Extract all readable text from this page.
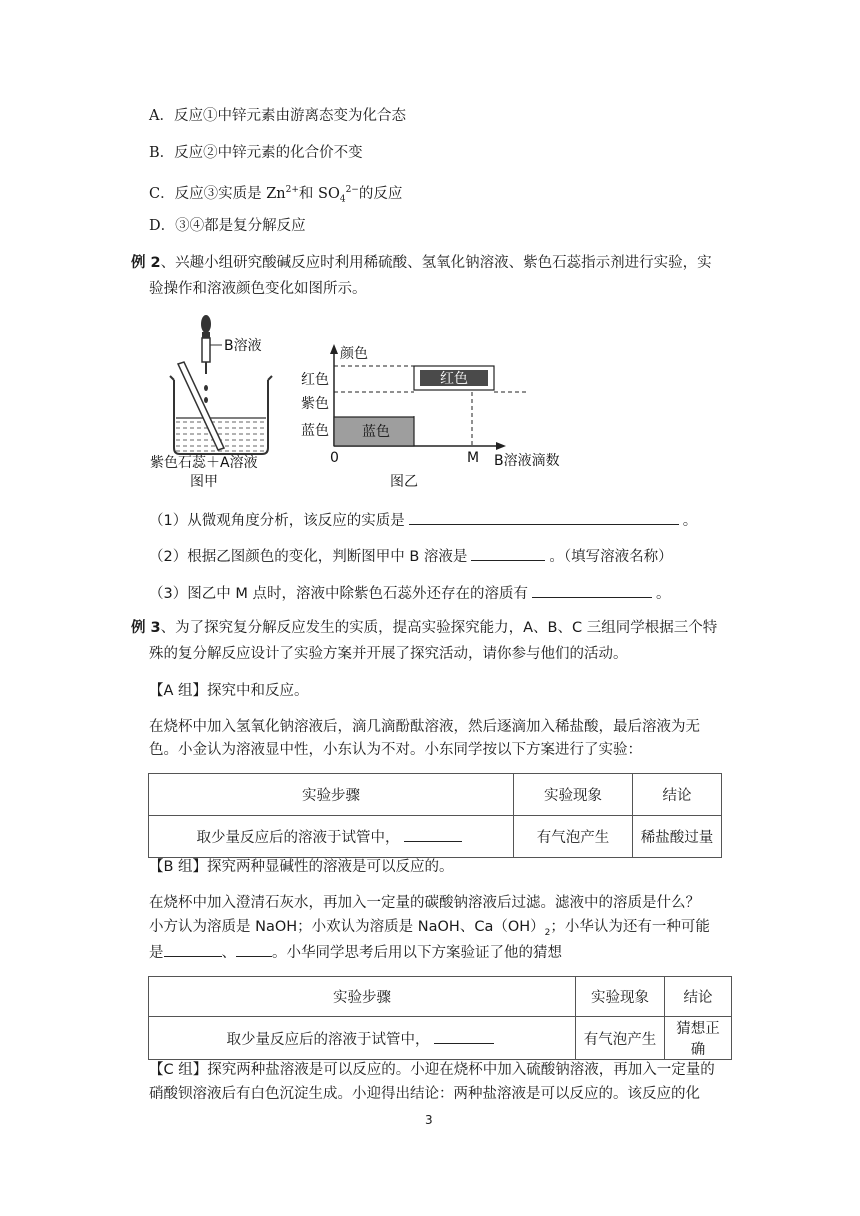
A．反应①中锌元素由游离态变为化合态
B．反应②中锌元素的化合价不变
C．反应③实质是 $Zn^{2+}$和 $SO_4^{2-}$的反应
D．③④都是复分解反应
例 2、兴趣小组研究酸碱反应时利用稀硫酸、氢氧化钠溶液、紫色石蕊指示剂进行实验，实
验操作和溶液颜色变化如图所示。
B溶液
紫色石蕊＋A溶液
图甲
颜色
红色
紫色
蓝色 蓝色
红色
0	M B溶液滴数
图乙
（1）从微观角度分析，该反应的实质是	。
（2）根据乙图颜色的变化，判断图甲中 B 溶液是	。（填写溶液名称）
（3）图乙中 M 点时，溶液中除紫色石蕊外还存在的溶质有	。
例 3、为了探究复分解反应发生的实质，提高实验探究能力，A、B、C 三组同学根据三个特
殊的复分解反应设计了实验方案并开展了探究活动，请你参与他们的活动。
【A 组】探究中和反应。
在烧杯中加入氢氧化钠溶液后，滴几滴酚酞溶液，然后逐滴加入稀盐酸，最后溶液为无
色。小金认为溶液显中性，小东认为不对。小东同学按以下方案进行了实验：
实验步骤	实验现象	结论
取少量反应后的溶液于试管中，	有气泡产生	稀盐酸过量
【B 组】探究两种显碱性的溶液是可以反应的。
在烧杯中加入澄清石灰水，再加入一定量的碳酸钠溶液后过滤。滤液中的溶质是什么？
小方认为溶质是 NaOH；小欢认为溶质是 NaOH、$Ca(OH)_2$；小华认为还有一种可能
是	、 。小华同学思考后用以下方案验证了他的猜想
实验步骤	实验现象	结论
取少量反应后的溶液于试管中，	有气泡产生	猜想正确
【C 组】探究两种盐溶液是可以反应的。小迎在烧杯中加入硫酸钠溶液，再加入一定量的
硝酸钡溶液后有白色沉淀生成。小迎得出结论：两种盐溶液是可以反应的。该反应的化
3
